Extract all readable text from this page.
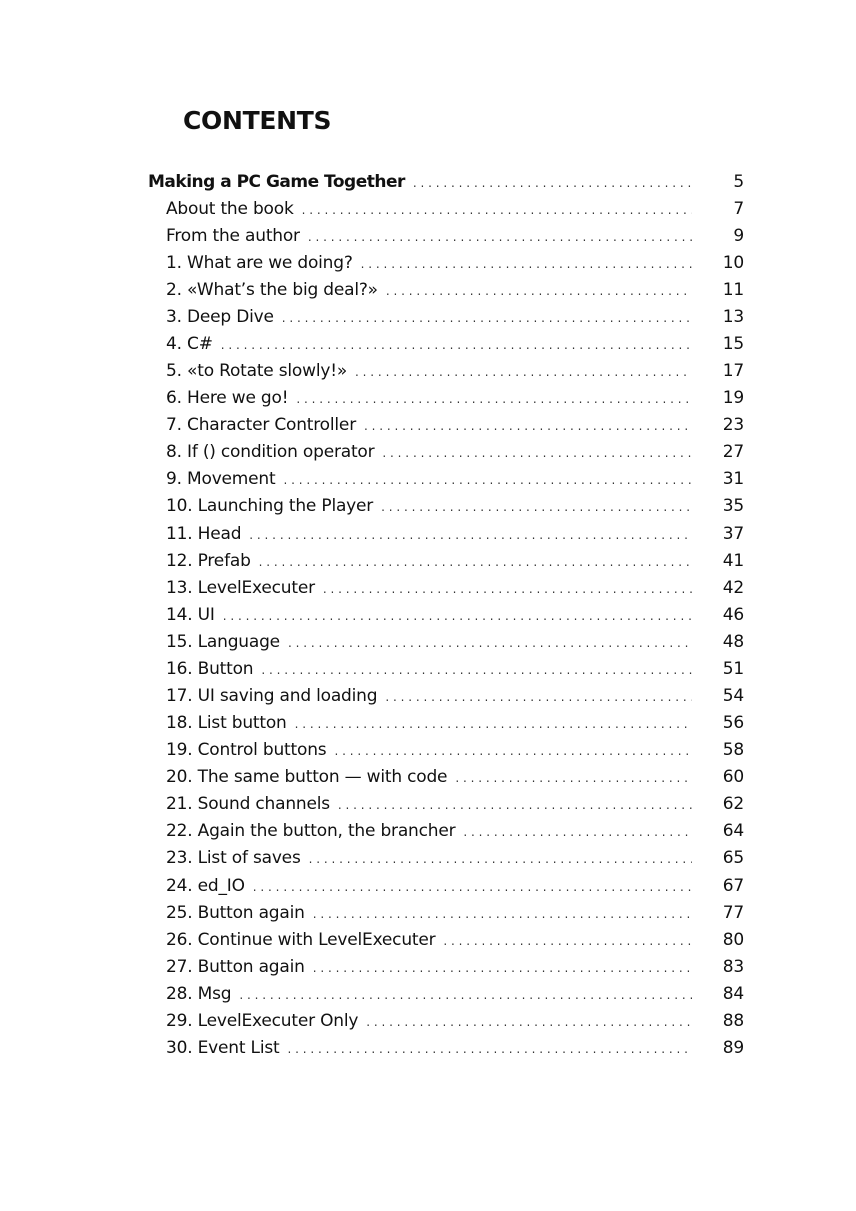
CONTENTS
Making a PC Game Together . . .	5
About the book . . .	7
From the author . . .	9
1. What are we doing? . . .	10
2. «What’s the big deal?» . . .	11
3. Deep Dive . . .	13
4. C# . . .	15
5. «to Rotate slowly!» . . .	17
6. Here we go! . . .	19
7. Character Controller . . .	23
8. If () condition operator . . .	27
9. Movement . . .	31
10. Launching the Player . . .	35
11. Head . . .	37
12. Prefab . . .	41
13. LevelExecuter . . .	42
14. UI . . .	46
15. Language . . .	48
16. Button . . .	51
17. UI saving and loading . . .	54
18. List button . . .	56
19. Control buttons . . .	58
20. The same button — with code . . .	60
21. Sound channels . . .	62
22. Again the button, the brancher . . .	64
23. List of saves . . .	65
24. ed_IO . . .	67
25. Button again . . .	77
26. Continue with LevelExecuter . . .	80
27. Button again . . .	83
28. Msg . . .	84
29. LevelExecuter Only . . .	88
30. Event List . . .	89
